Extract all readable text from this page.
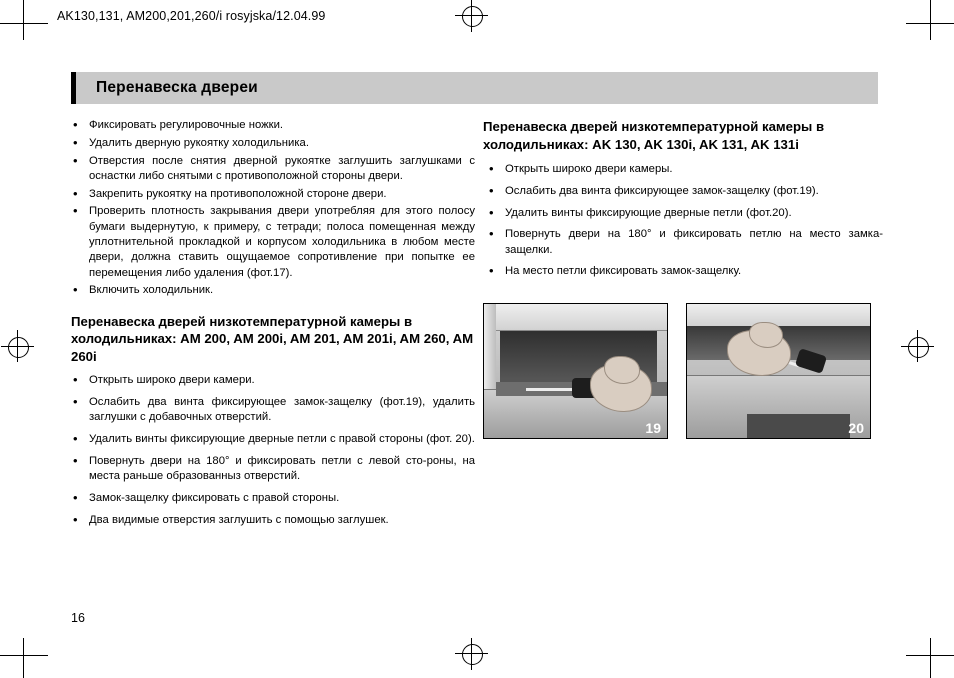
AK130,131, AM200,201,260/i rosyjska/12.04.99
Перенавеска двереи
• Фиксировать регулировочные ножки.
• Удалить дверную рукоятку холодильника.
• Отверстия после снятия дверной рукоятке заглушить заглушками с оснастки либо снятыми с противоположной стороны двери.
• Закрепить рукоятку на противоположной стороне двери.
• Проверить плотность закрывания двери употребляя для этого полосу бумаги выдернутую, к примеру, с тетради; полоса помещенная между уплотнительной прокладкой и корпусом холодильника в любом месте двери, должна ставить ощущаемое сопротивление при попытке ее перемещения либо удаления (фот.17).
• Включить холодильник.
Перенавеска дверей низкотемпературной камеры в холодильниках: AM 200, AM 200i, AM 201, AM 201i, AM 260, AM 260i
• Открыть широко двери камери.
• Ослабить два винта фиксирующее замок-защелку (фот.19), удалить заглушки с добавочных отверстий.
• Удалить винты фиксирующие дверные петли с правой стороны (фот. 20).
• Повернуть двери на 180° и фиксировать петли с левой сто-роны, на места раньше образованныз отверстий.
• Замок-защелку фиксировать с правой стороны.
• Два видимые отверстия заглушить с помощью заглушек.
Перенавеска дверей низкотемпературной камеры в холодильниках: AK 130, AK 130i, AK 131, AK 131i
• Открыть широко двери камеры.
• Ослабить два винта фиксирующее замок-защелку (фот.19).
• Удалить винты фиксирующие дверные петли (фот.20).
• Повернуть двери на 180° и фиксировать петлю на место замка-защелки.
• На место петли фиксировать замок-защелку.
19	20
16
